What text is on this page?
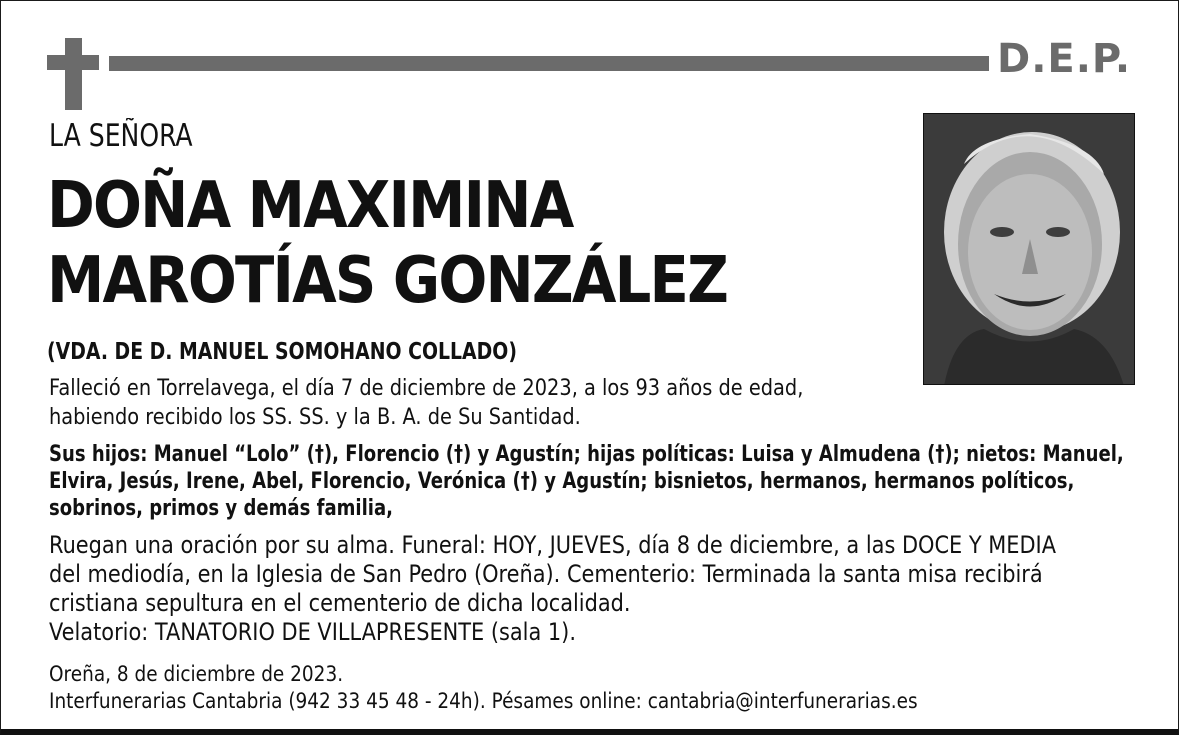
D.E.P.
LA SEÑORA
DOÑA MAXIMINA
MAROTÍAS GONZÁLEZ
(VDA. DE D. MANUEL SOMOHANO COLLADO)
Falleció en Torrelavega, el día 7 de diciembre de 2023, a los 93 años de edad,
habiendo recibido los SS. SS. y la B. A. de Su Santidad.
Sus hijos: Manuel “Lolo” (†), Florencio (†) y Agustín; hijas políticas: Luisa y Almudena (†); nietos: Manuel,
Elvira, Jesús, Irene, Abel, Florencio, Verónica (†) y Agustín; bisnietos, hermanos, hermanos políticos,
sobrinos, primos y demás familia,
Ruegan una oración por su alma. Funeral: HOY, JUEVES, día 8 de diciembre, a las DOCE Y MEDIA
del mediodía, en la Iglesia de San Pedro (Oreña). Cementerio: Terminada la santa misa recibirá
cristiana sepultura en el cementerio de dicha localidad.
Velatorio: TANATORIO DE VILLAPRESENTE (sala 1).
Oreña, 8 de diciembre de 2023.
Interfunerarias Cantabria (942 33 45 48 - 24h). Pésames online: cantabria@interfunerarias.es
